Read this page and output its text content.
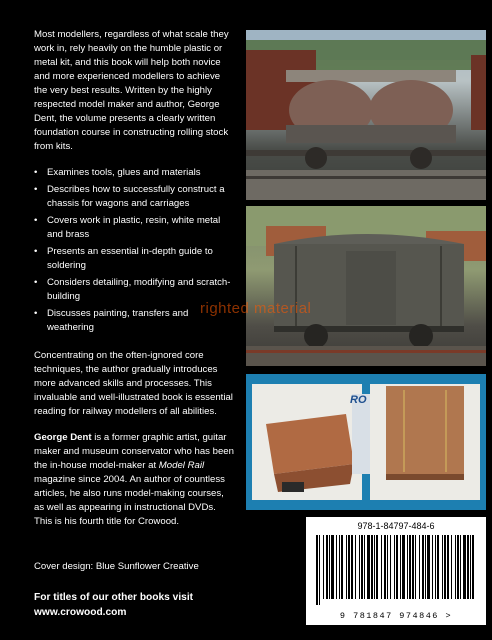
Most modellers, regardless of what scale they work in, rely heavily on the humble plastic or metal kit, and this book will help both novice and more experienced modellers to achieve the very best results. Written by the highly respected model maker and author, George Dent, the volume presents a clearly written foundation course in constructing rolling stock from kits.

• Examines tools, glues and materials
• Describes how to successfully construct a chassis for wagons and carriages
• Covers work in plastic, resin, white metal and brass
• Presents an essential in-depth guide to soldering
• Considers detailing, modifying and scratch-building
• Discusses painting, transfers and weathering

Concentrating on the often-ignored core techniques, the author gradually introduces more advanced skills and processes. This invaluable and well-illustrated book is essential reading for railway modellers of all abilities.

George Dent is a former graphic artist, guitar maker and museum conservator who has been the in-house model-maker at Model Rail magazine since 2004. An author of countless articles, he also runs model-making courses, as well as appearing in instructional DVDs. This is his fourth title for Crowood.

RO
righted material
978-1-84797-484-6
9 781847 974846 >
Cover design: Blue Sunflower Creative
For titles of our other books visit
www.crowood.com
